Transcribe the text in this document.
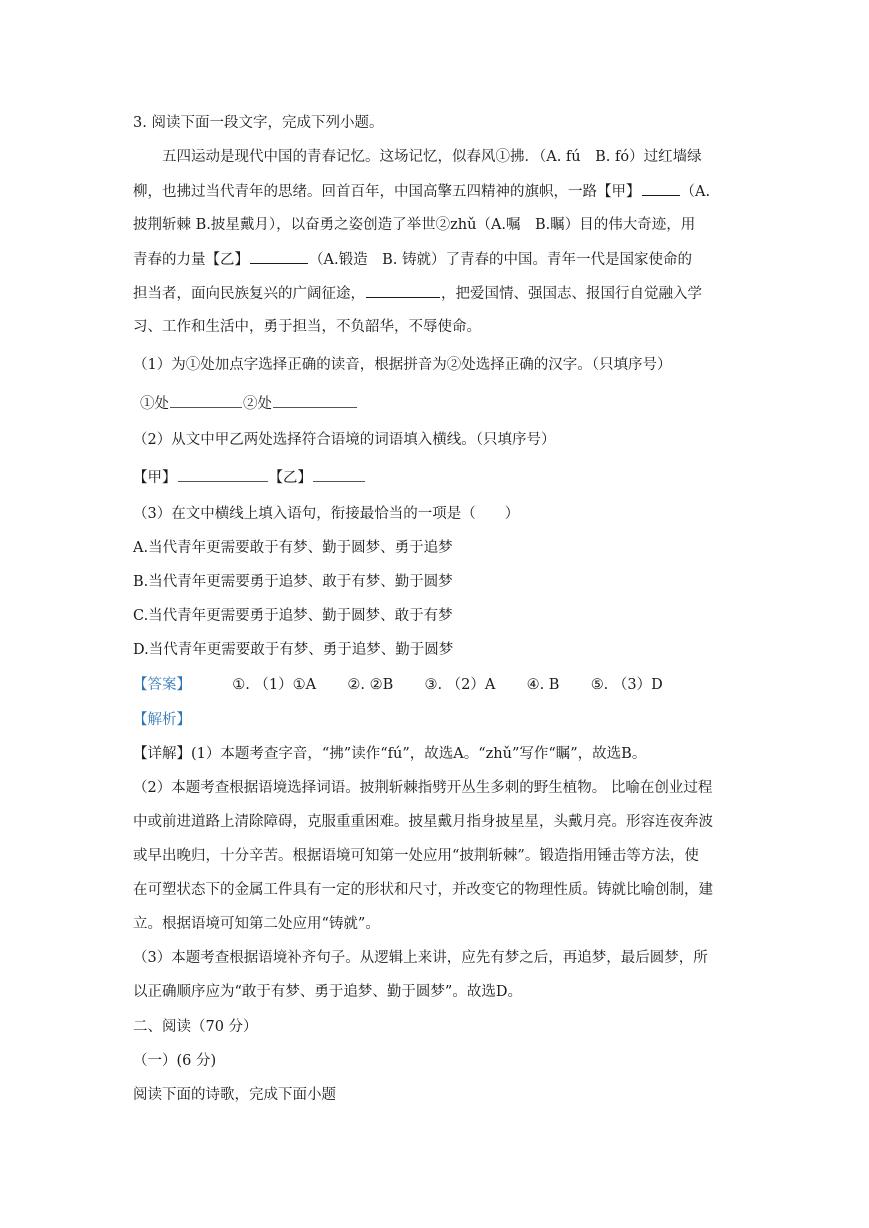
3. 阅读下面一段文字，完成下列小题。
五四运动是现代中国的青春记忆。这场记忆，似春风①拂．（A. fú　B. fó）过红墙绿
柳，也拂过当代青年的思绪。回首百年，中国高擎五四精神的旗帜，一路【甲】	（A.
披荆斩棘 B.披星戴月），以奋勇之姿创造了举世②zhǔ（A.嘱　B.瞩）目的伟大奇迹，用
青春的力量【乙】	（A.锻造　B. 铸就）了青春的中国。青年一代是国家使命的
担当者，面向民族复兴的广阔征途，	，把爱国情、强国志、报国行自觉融入学
习、工作和生活中，勇于担当，不负韶华，不辱使命。
（1）为①处加点字选择正确的读音，根据拼音为②处选择正确的汉字。（只填序号）
①处	②处
（2）从文中甲乙两处选择符合语境的词语填入横线。（只填序号）
【甲】	【乙】
（3）在文中横线上填入语句，衔接最恰当的一项是（　　）
A.当代青年更需要敢于有梦、勤于圆梦、勇于追梦
B.当代青年更需要勇于追梦、敢于有梦、勤于圆梦
C.当代青年更需要勇于追梦、勤于圆梦、敢于有梦
D.当代青年更需要敢于有梦、勇于追梦、勤于圆梦
【答案】	①. （1）①A ②. ②B ③. （2）A ④. B ⑤. （3）D
【解析】
【详解】(1）本题考查字音，“拂”读作“fú”，故选A。“zhǔ”写作“瞩”，故选B。
（2）本题考查根据语境选择词语。披荆斩棘指劈开丛生多刺的野生植物。 比喻在创业过程
中或前进道路上清除障碍，克服重重困难。披星戴月指身披星星，头戴月亮。形容连夜奔波
或早出晚归，十分辛苦。根据语境可知第一处应用“披荆斩棘”。锻造指用锤击等方法，使
在可塑状态下的金属工件具有一定的形状和尺寸，并改变它的物理性质。铸就比喻创制，建
立。根据语境可知第二处应用“铸就”。
（3）本题考查根据语境补齐句子。从逻辑上来讲，应先有梦之后，再追梦，最后圆梦，所
以正确顺序应为“敢于有梦、勇于追梦、勤于圆梦”。故选D。
二、阅读（70 分）
（一）(6 分)
阅读下面的诗歌，完成下面小题
